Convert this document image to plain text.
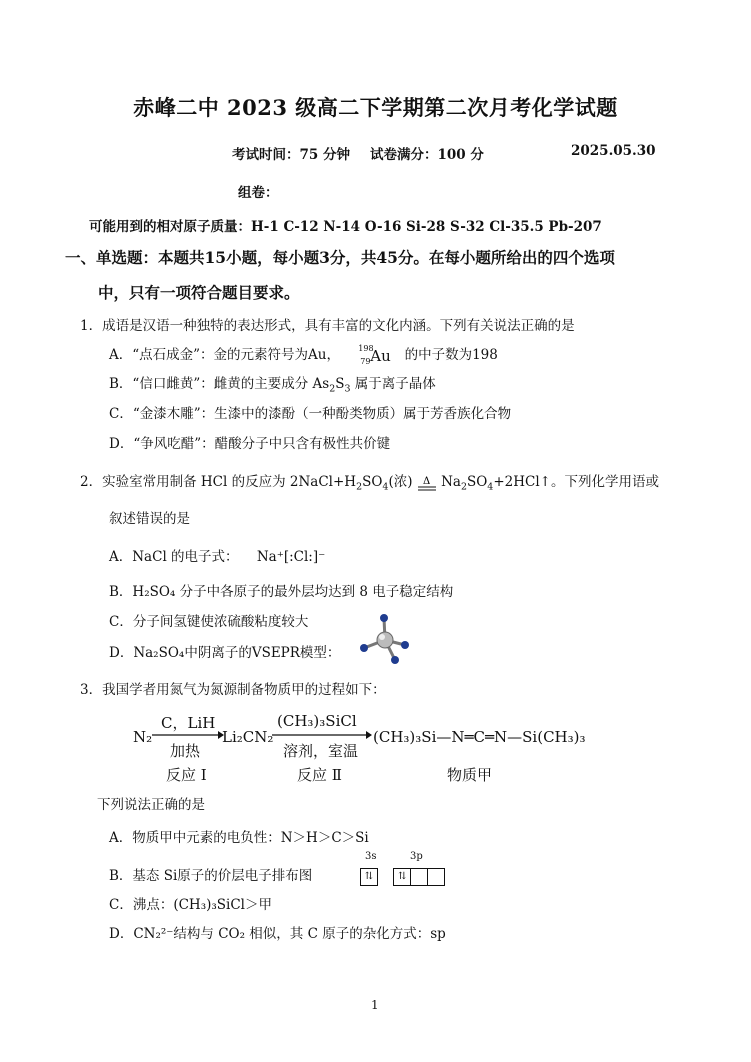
赤峰二中 2023 级高二下学期第二次月考化学试题
考试时间：75 分钟 试卷满分：100 分	2025.05.30
组卷：
可能用到的相对原子质量：H-1 C-12 N-14 O-16 Si-28 S-32 Cl-35.5 Pb-207
一、单选题：本题共15小题，每小题3分，共45分。在每小题所给出的四个选项
中，只有一项符合题目要求。
1．成语是汉语一种独特的表达形式，具有丰富的文化内涵。下列有关说法正确的是
A．“点石成金”：金的元素符号为Au， 198
79 Au 的中子数为198
B．“信口雌黄”：雌黄的主要成分 $As_2S_3$ 属于离子晶体
C．“金漆木雕”：生漆中的漆酚（一种酚类物质）属于芳香族化合物
D．“争风吃醋”：醋酸分子中只含有极性共价键
2．实验室常用制备 HCl 的反应为 $2NaCl+H_2SO_4$(浓) Δ $Na_2SO_4+2HCl↑$。下列化学用语或
叙述错误的是
A．NaCl 的电子式： Na⁺[:Cl:]⁻
B．H₂SO₄ 分子中各原子的最外层均达到 8 电子稳定结构
C．分子间氢键使浓硫酸粘度较大
D．Na₂SO₄中阴离子的VSEPR模型：
3．我国学者用氮气为氮源制备物质甲的过程如下：
N₂
C，LiH
加热
Li₂CN₂
(CH₃)₃SiCl
溶剂，室温
(CH₃)₃Si—N═C═N—Si(CH₃)₃
反应 Ⅰ	反应 Ⅱ	物质甲
下列说法正确的是
A．物质甲中元素的电负性：N＞H＞C＞Si
B．基态 Si原子的价层电子排布图
3s	3p
⇅ ⇅
C．沸点：(CH₃)₃SiCl＞甲
D．CN₂²⁻结构与 CO₂ 相似，其 C 原子的杂化方式：sp
1
